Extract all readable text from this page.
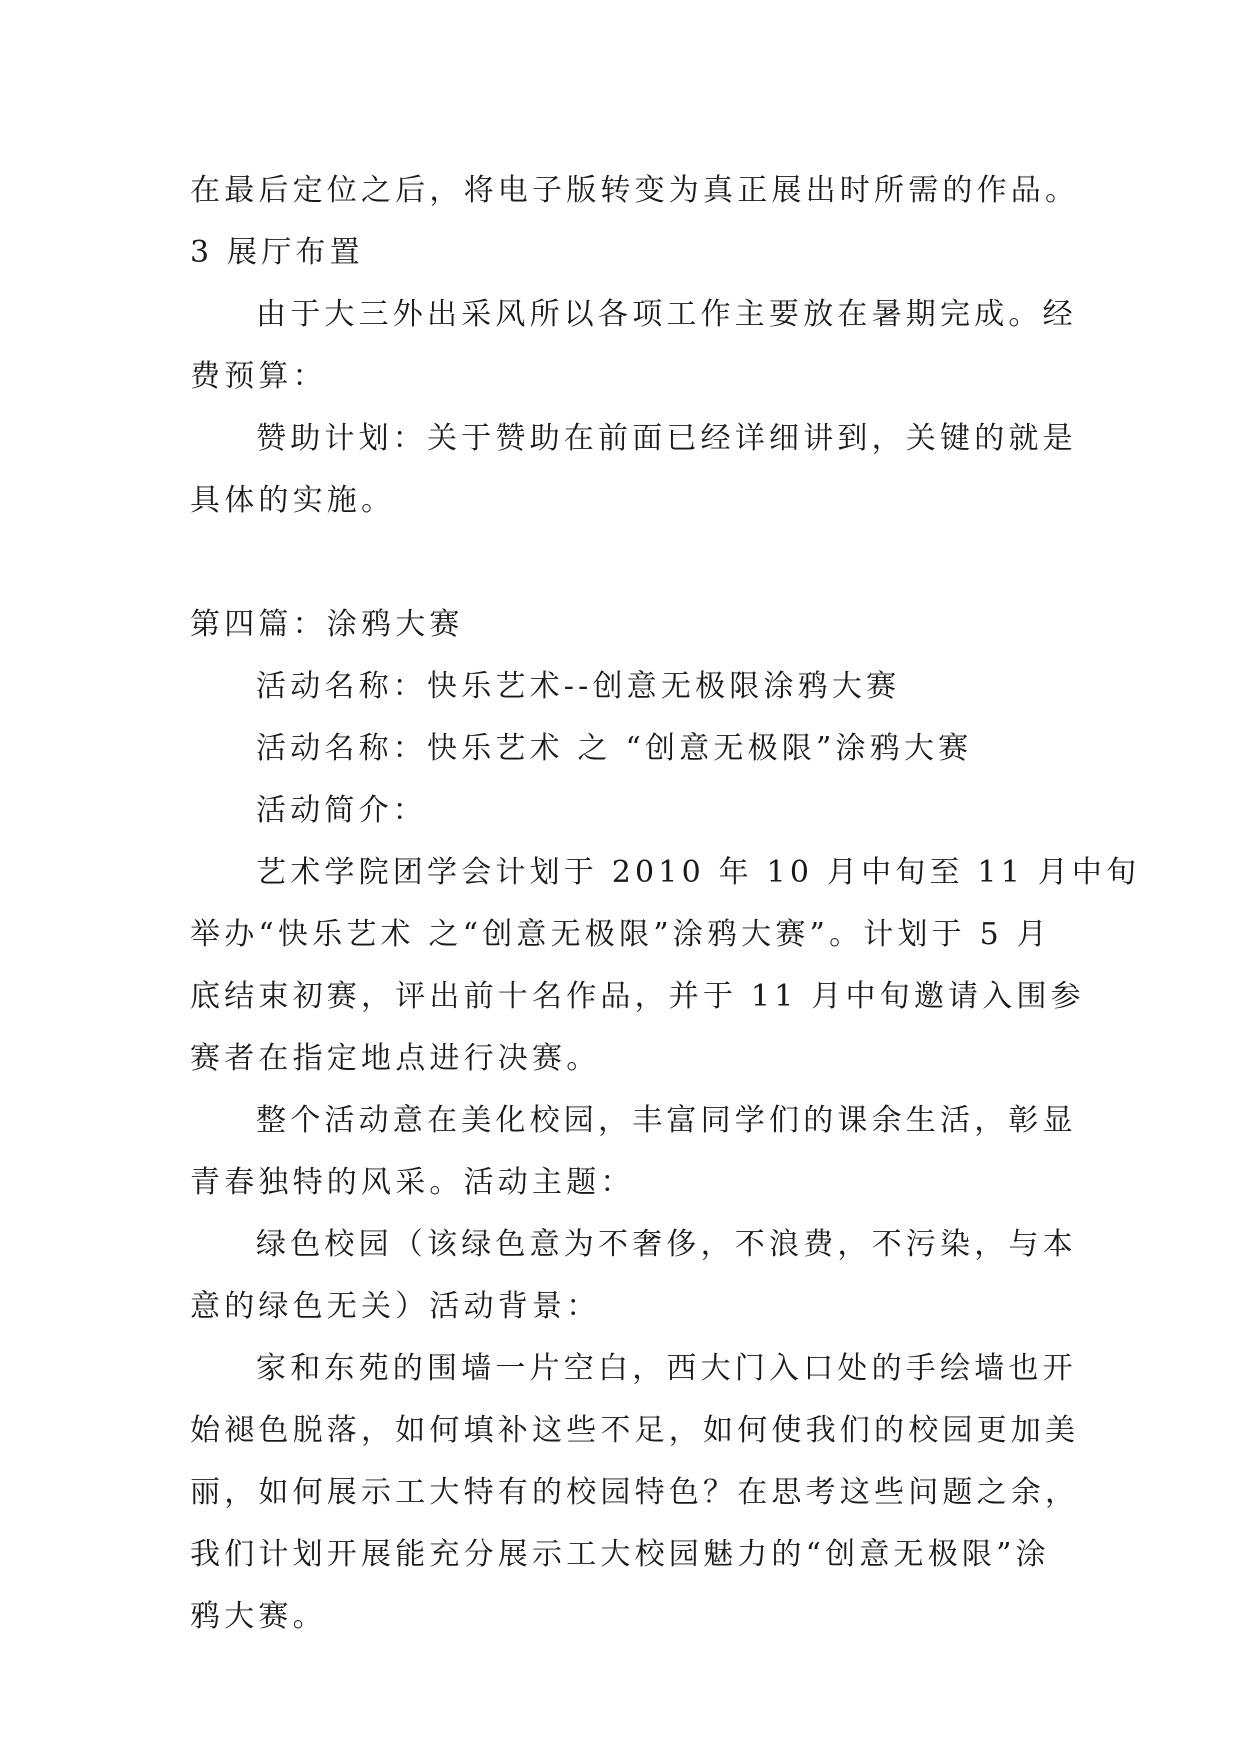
在最后定位之后，将电子版转变为真正展出时所需的作品。
3 展厅布置
由于大三外出采风所以各项工作主要放在暑期完成。经
费预算：
赞助计划：关于赞助在前面已经详细讲到，关键的就是
具体的实施。
第四篇：涂鸦大赛
活动名称：快乐艺术--创意无极限涂鸦大赛
活动名称：快乐艺术 之 “创意无极限”涂鸦大赛
活动简介：
艺术学院团学会计划于 2010 年 10 月中旬至 11 月中旬
举办“快乐艺术 之“创意无极限”涂鸦大赛”。计划于 5 月
底结束初赛，评出前十名作品，并于 11 月中旬邀请入围参
赛者在指定地点进行决赛。
整个活动意在美化校园，丰富同学们的课余生活，彰显
青春独特的风采。活动主题：
绿色校园（该绿色意为不奢侈，不浪费，不污染，与本
意的绿色无关）活动背景：
家和东苑的围墙一片空白，西大门入口处的手绘墙也开
始褪色脱落，如何填补这些不足，如何使我们的校园更加美
丽，如何展示工大特有的校园特色？在思考这些问题之余，
我们计划开展能充分展示工大校园魅力的“创意无极限”涂
鸦大赛。
